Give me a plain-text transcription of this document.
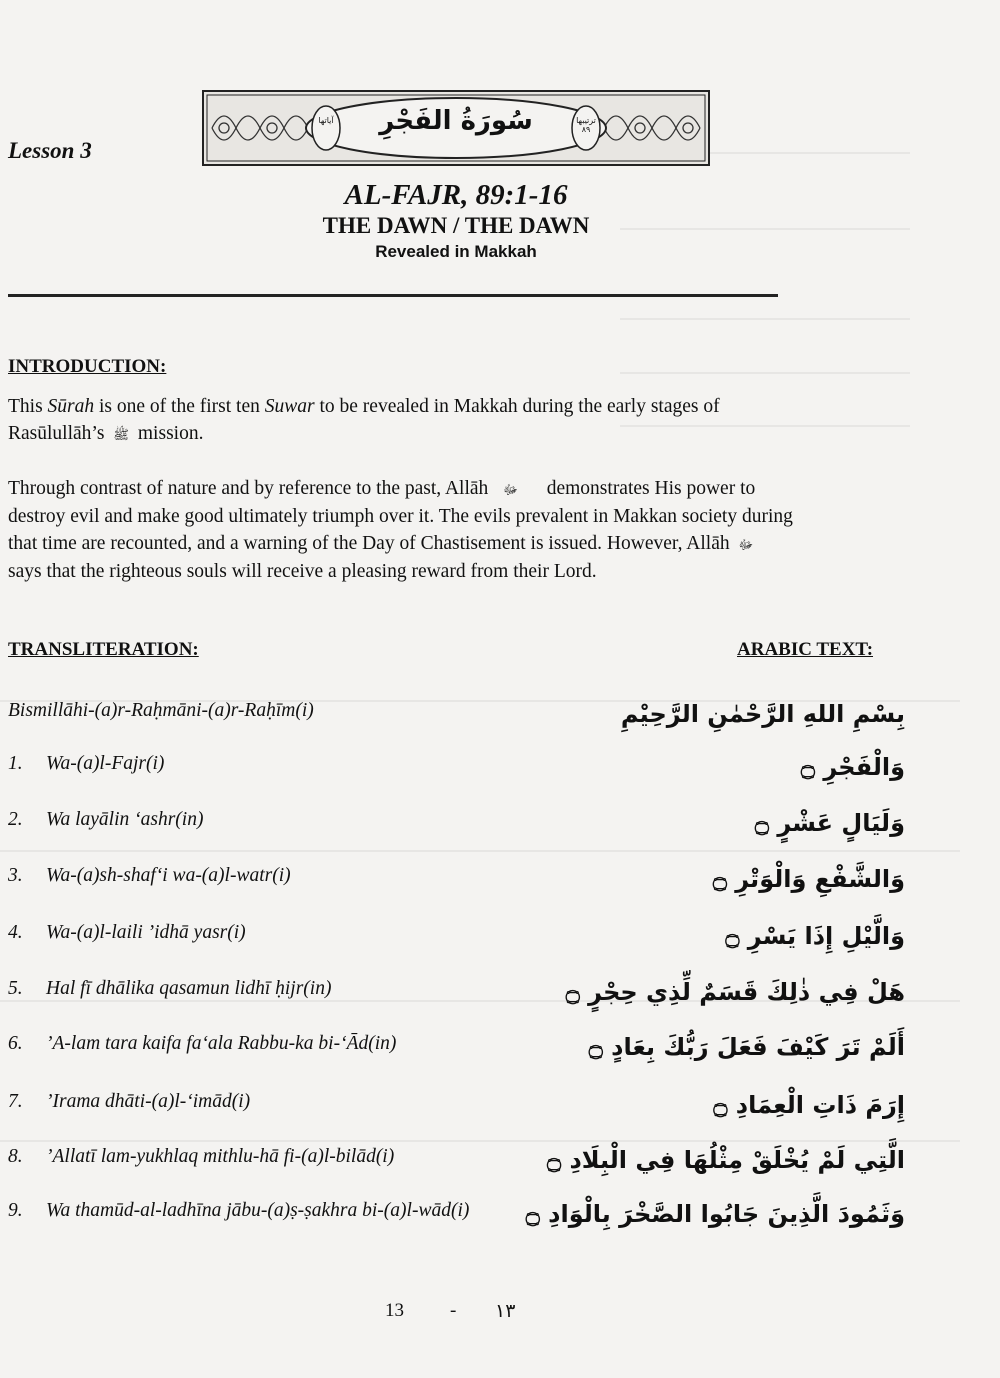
سُورَةُ الفَجْرِ
آياتها	ترتيبها ٨٩
Lesson 3
AL-FAJR, 89:1-16
THE DAWN / THE DAWN
Revealed in Makkah
INTRODUCTION:
This Sūrah is one of the first ten Suwar to be revealed in Makkah during the early stages of
Rasūlullāh’s ﷺ mission.
Through contrast of nature and by reference to the past, Allāh ﷻ demonstrates His power to
destroy evil and make good ultimately triumph over it. The evils prevalent in Makkan society during
that time are recounted, and a warning of the Day of Chastisement is issued. However, Allāh ﷻ
says that the righteous souls will receive a pleasing reward from their Lord.
TRANSLITERATION:	ARABIC TEXT:
Bismillāhi-(a)r-Raḥmāni-(a)r-Raḥīm(i)	بِسْمِ اللهِ الرَّحْمٰنِ الرَّحِيْمِ
1. Wa-(a)l-Fajr(i)	وَالْفَجْرِ ۝
2. Wa layālin ‘ashr(in)	وَلَيَالٍ عَشْرٍ ۝
3. Wa-(a)sh-shaf‘i wa-(a)l-watr(i)	وَالشَّفْعِ وَالْوَتْرِ ۝
4. Wa-(a)l-laili ’idhā yasr(i)	وَالَّيْلِ إِذَا يَسْرِ ۝
5. Hal fī dhālika qasamun lidhī ḥijr(in)	هَلْ فِي ذٰلِكَ قَسَمٌ لِّذِي حِجْرٍ ۝
6. ’A-lam tara kaifa fa‘ala Rabbu-ka bi-‘Ād(in)	أَلَمْ تَرَ كَيْفَ فَعَلَ رَبُّكَ بِعَادٍ ۝
7. ’Irama dhāti-(a)l-‘imād(i)	إِرَمَ ذَاتِ الْعِمَادِ ۝
8. ’Allatī lam-yukhlaq mithlu-hā fi-(a)l-bilād(i)	الَّتِي لَمْ يُخْلَقْ مِثْلُهَا فِي الْبِلَادِ ۝
9. Wa thamūd-al-ladhīna jābu-(a)ṣ-ṣakhra bi-(a)l-wād(i) وَثَمُودَ الَّذِينَ جَابُوا الصَّخْرَ بِالْوَادِ ۝
13 - ١٣
